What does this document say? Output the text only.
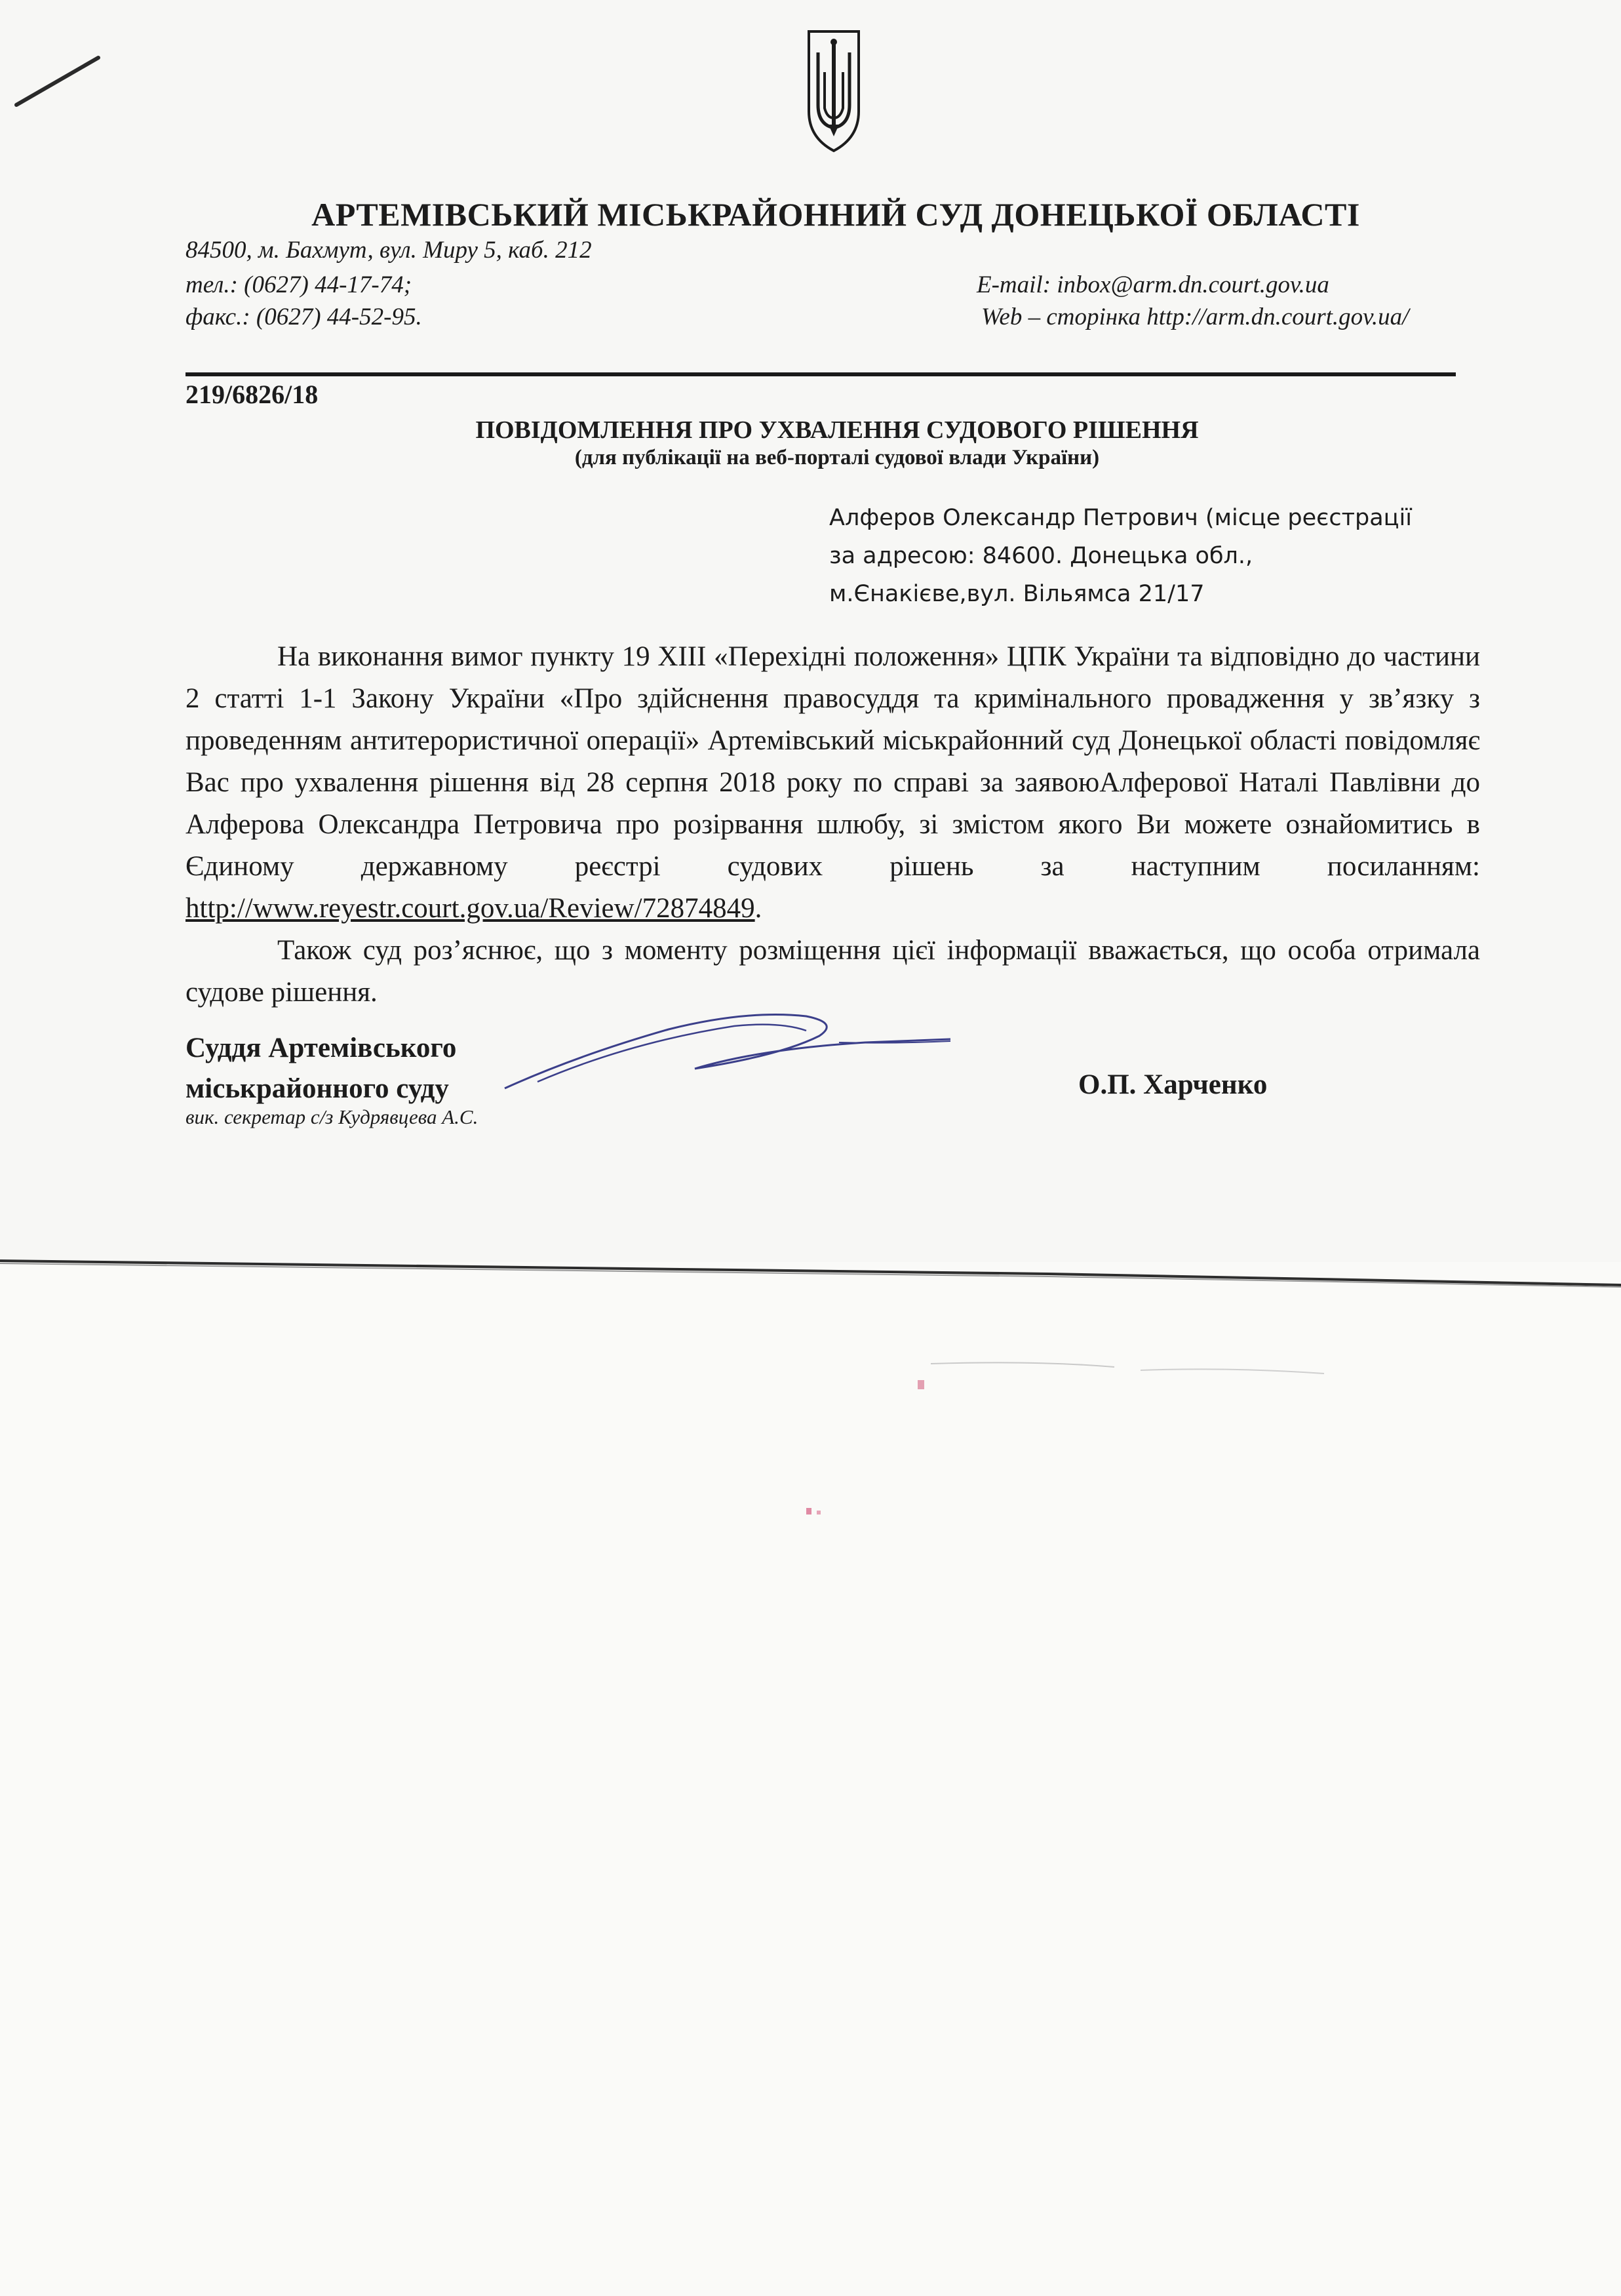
АРТЕМІВСЬКИЙ МІСЬКРАЙОННИЙ СУД ДОНЕЦЬКОЇ ОБЛАСТІ
84500, м. Бахмут, вул. Миру 5, каб. 212
тел.: (0627) 44-17-74;
факс.: (0627) 44-52-95.
E-mail: inbox@arm.dn.court.gov.ua
Web – сторінка http://arm.dn.court.gov.ua/
219/6826/18
ПОВІДОМЛЕННЯ ПРО УХВАЛЕННЯ СУДОВОГО РІШЕННЯ
(для публікації на веб-порталі судової влади України)
Алферов Олександр Петрович (місце реєстрації
за адресою: 84600. Донецька обл.,
м.Єнакієве,вул. Вільямса 21/17

На виконання вимог пункту 19 ХІІІ «Перехідні положення» ЦПК України та відповідно до частини 2 статті 1-1 Закону України «Про здійснення правосуддя та кримінального провадження у зв’язку з проведенням антитерористичної операції» Артемівський міськрайонний суд Донецької області повідомляє Вас про ухвалення рішення від 28 серпня 2018 року по справі за заявоюАлферової Наталі Павлівни до Алферова Олександра Петровича про розірвання шлюбу, зі змістом якого Ви можете ознайомитись в Єдиному державному реєстрі судових рішень за наступним посиланням: http://www.reyestr.court.gov.ua/Review/72874849.

Також суд роз’яснює, що з моменту розміщення цієї інформації вважається, що особа отримала судове рішення.

Суддя Артемівського
міськрайонного суду	О.П. Харченко
вик. секретар с/з Кудрявцева А.С.
